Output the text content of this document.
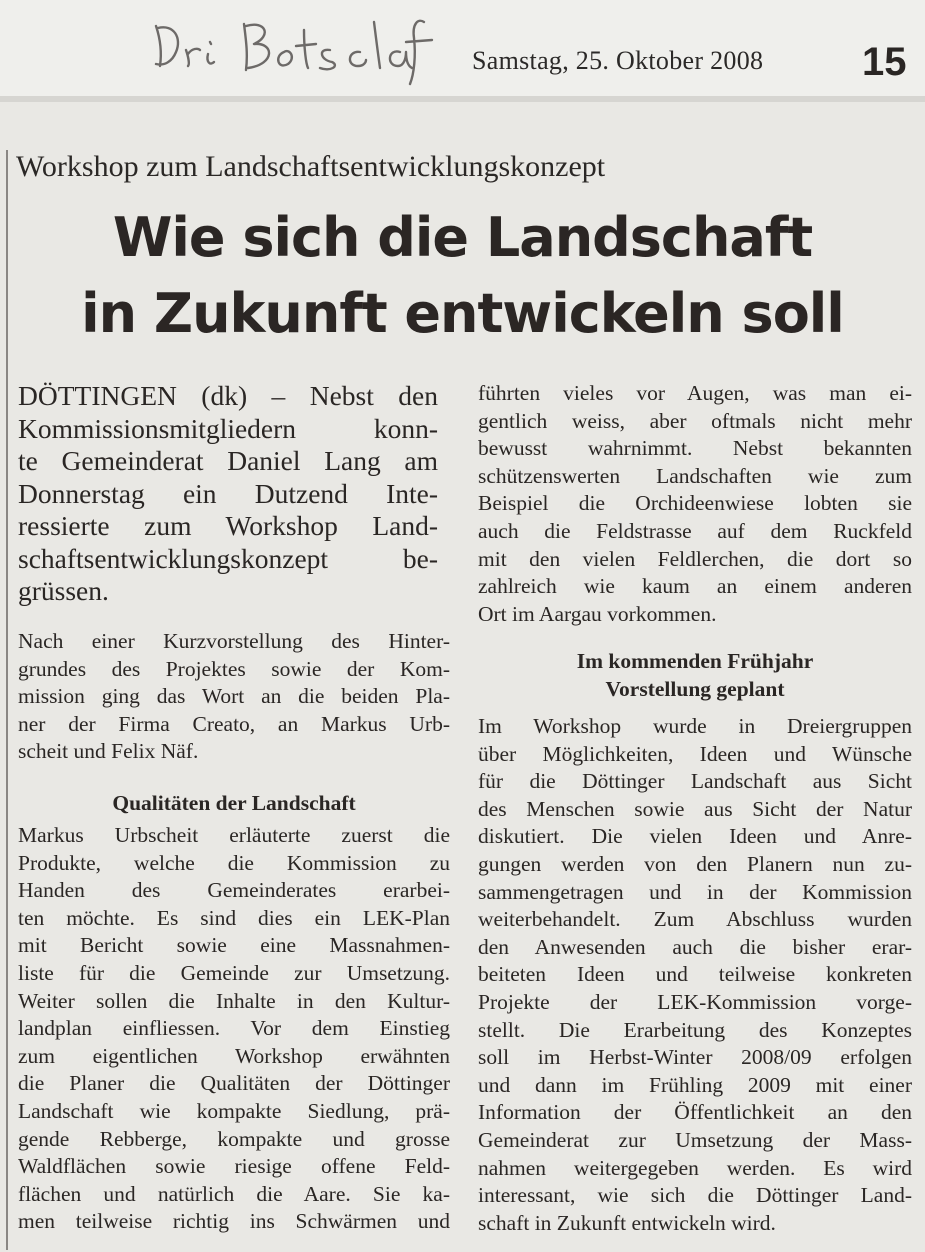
Die Botschaft
Samstag, 25. Oktober 2008 15
Workshop zum Landschaftsentwicklungskonzept
Wie sich die Landschaft
in Zukunft entwickeln soll
DÖTTINGEN (dk) – Nebst den
Kommissionsmitgliedern konn-
te Gemeinderat Daniel Lang am
Donnerstag ein Dutzend Inte-
ressierte zum Workshop Land-
schaftsentwicklungskonzept be-
grüssen.
Nach einer Kurzvorstellung des Hinter-
grundes des Projektes sowie der Kom-
mission ging das Wort an die beiden Pla-
ner der Firma Creato, an Markus Urb-
scheit und Felix Näf.
Qualitäten der Landschaft
Markus Urbscheit erläuterte zuerst die
Produkte, welche die Kommission zu
Handen des Gemeinderates erarbei-
ten möchte. Es sind dies ein LEK-Plan
mit Bericht sowie eine Massnahmen-
liste für die Gemeinde zur Umsetzung.
Weiter sollen die Inhalte in den Kultur-
landplan einfliessen. Vor dem Einstieg
zum eigentlichen Workshop erwähnten
die Planer die Qualitäten der Döttinger
Landschaft wie kompakte Siedlung, prä-
gende Rebberge, kompakte und grosse
Waldflächen sowie riesige offene Feld-
flächen und natürlich die Aare. Sie ka-
men teilweise richtig ins Schwärmen und
führten vieles vor Augen, was man ei-
gentlich weiss, aber oftmals nicht mehr
bewusst wahrnimmt. Nebst bekannten
schützenswerten Landschaften wie zum
Beispiel die Orchideenwiese lobten sie
auch die Feldstrasse auf dem Ruckfeld
mit den vielen Feldlerchen, die dort so
zahlreich wie kaum an einem anderen
Ort im Aargau vorkommen.
Im kommenden Frühjahr
Vorstellung geplant
Im Workshop wurde in Dreiergruppen
über Möglichkeiten, Ideen und Wünsche
für die Döttinger Landschaft aus Sicht
des Menschen sowie aus Sicht der Natur
diskutiert. Die vielen Ideen und Anre-
gungen werden von den Planern nun zu-
sammengetragen und in der Kommission
weiterbehandelt. Zum Abschluss wurden
den Anwesenden auch die bisher erar-
beiteten Ideen und teilweise konkreten
Projekte der LEK-Kommission vorge-
stellt. Die Erarbeitung des Konzeptes
soll im Herbst-Winter 2008/09 erfolgen
und dann im Frühling 2009 mit einer
Information der Öffentlichkeit an den
Gemeinderat zur Umsetzung der Mass-
nahmen weitergegeben werden. Es wird
interessant, wie sich die Döttinger Land-
schaft in Zukunft entwickeln wird.
